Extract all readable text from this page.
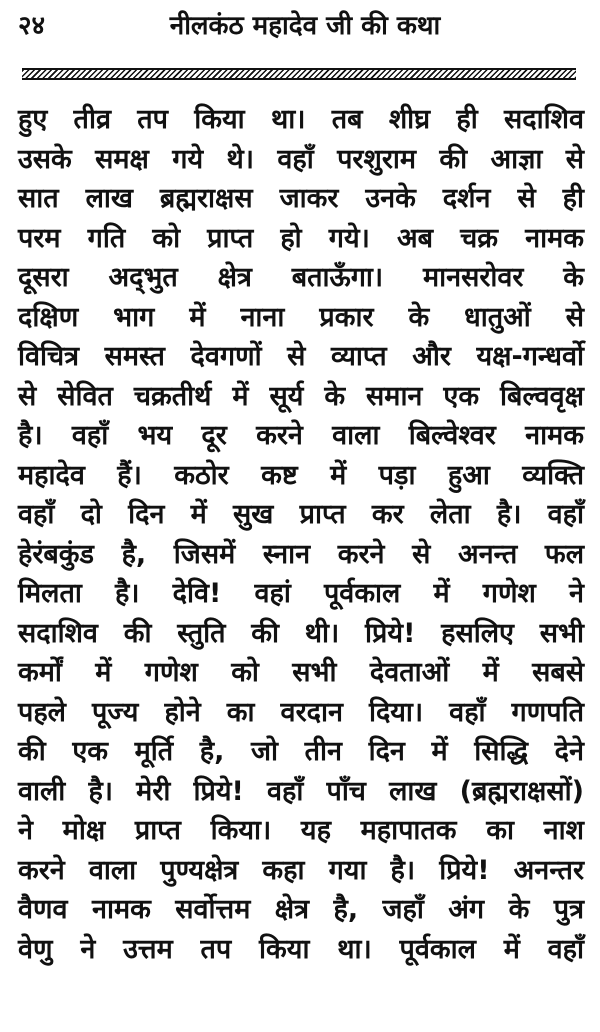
२४	नीलकंठ महादेव जी की कथा
हुए तीव्र तप किया था। तब शीघ्र ही सदाशिव
उसके समक्ष गये थे। वहाँ परशुराम की आज्ञा से
सात लाख ब्रह्मराक्षस जाकर उनके दर्शन से ही
परम गति को प्राप्त हो गये। अब चक्र नामक
दूसरा अद्‌भुत क्षेत्र बताऊँगा। मानसरोवर के
दक्षिण भाग में नाना प्रकार के धातुओं से
विचित्र समस्त देवगणों से व्याप्त और यक्ष-गन्धर्वो
से सेवित चक्रतीर्थ में सूर्य के समान एक बिल्ववृक्ष
है। वहाँ भय दूर करने वाला बिल्वेश्वर नामक
महादेव हैं। कठोर कष्ट में पड़ा हुआ व्यक्ति
वहाँ दो दिन में सुख प्राप्त कर लेता है। वहाँ
हेरंबकुंड है, जिसमें स्नान करने से अनन्त फल
मिलता है। देवि! वहां पूर्वकाल में गणेश ने
सदाशिव की स्तुति की थी। प्रिये! हसलिए सभी
कर्मों में गणेश को सभी देवताओं में सबसे
पहले पूज्य होने का वरदान दिया। वहाँ गणपति
की एक मूर्ति है, जो तीन दिन में सिद्धि देने
वाली है। मेरी प्रिये! वहाँ पाँच लाख (ब्रह्मराक्षसों)
ने मोक्ष प्राप्त किया। यह महापातक का नाश
करने वाला पुण्यक्षेत्र कहा गया है। प्रिये! अनन्तर
वैणव नामक सर्वोत्तम क्षेत्र है, जहाँ अंग के पुत्र
वेणु ने उत्तम तप किया था। पूर्वकाल में वहाँ
